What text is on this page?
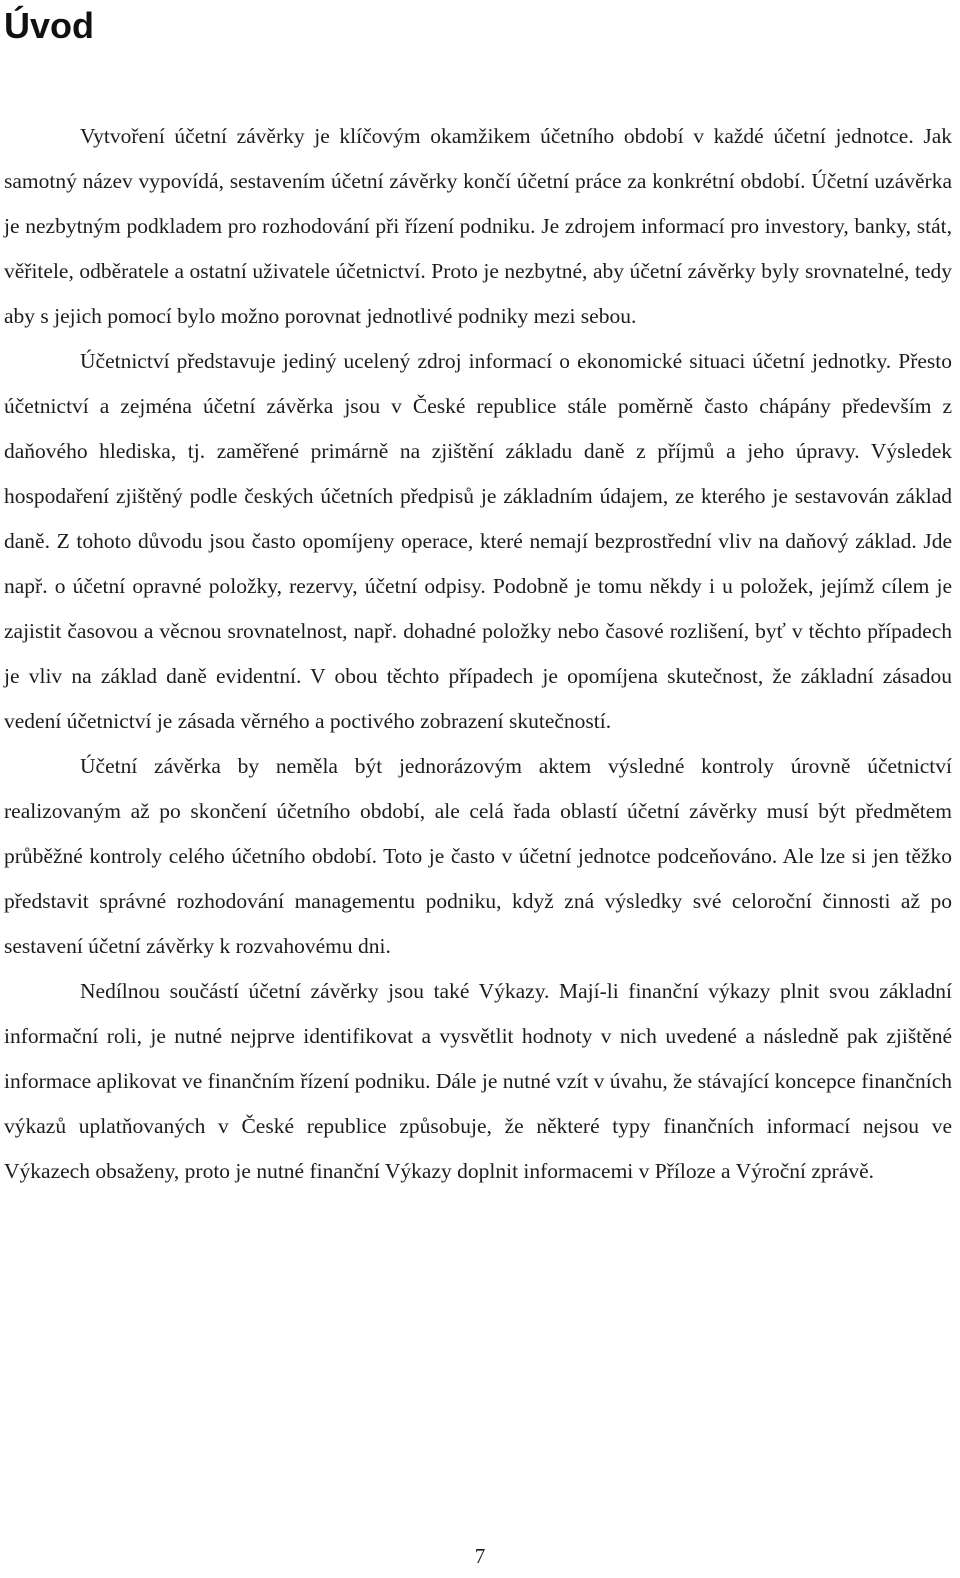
Úvod

Vytvoření účetní závěrky je klíčovým okamžikem účetního období v každé účetní jednotce. Jak samotný název vypovídá, sestavením účetní závěrky končí účetní práce za konkrétní období. Účetní uzávěrka je nezbytným podkladem pro rozhodování při řízení podniku. Je zdrojem informací pro investory, banky, stát, věřitele, odběratele a ostatní uživatele účetnictví. Proto je nezbytné, aby účetní závěrky byly srovnatelné, tedy aby s jejich pomocí bylo možno porovnat jednotlivé podniky mezi sebou.

Účetnictví představuje jediný ucelený zdroj informací o ekonomické situaci účetní jednotky. Přesto účetnictví a zejména účetní závěrka jsou v České republice stále poměrně často chápány především z daňového hlediska, tj. zaměřené primárně na zjištění základu daně z příjmů a jeho úpravy. Výsledek hospodaření zjištěný podle českých účetních předpisů je základním údajem, ze kterého je sestavován základ daně. Z tohoto důvodu jsou často opomíjeny operace, které nemají bezprostřední vliv na daňový základ. Jde např. o účetní opravné položky, rezervy, účetní odpisy. Podobně je tomu někdy i u položek, jejímž cílem je zajistit časovou a věcnou srovnatelnost, např. dohadné položky nebo časové rozlišení, byť v těchto případech je vliv na základ daně evidentní. V obou těchto případech je opomíjena skutečnost, že základní zásadou vedení účetnictví je zásada věrného a poctivého zobrazení skutečností.

Účetní závěrka by neměla být jednorázovým aktem výsledné kontroly úrovně účetnictví realizovaným až po skončení účetního období, ale celá řada oblastí účetní závěrky musí být předmětem průběžné kontroly celého účetního období. Toto je často v účetní jednotce podceňováno. Ale lze si jen těžko představit správné rozhodování managementu podniku, když zná výsledky své celoroční činnosti až po sestavení účetní závěrky k rozvahovému dni.

Nedílnou součástí účetní závěrky jsou také Výkazy. Mají-li finanční výkazy plnit svou základní informační roli, je nutné nejprve identifikovat a vysvětlit hodnoty v nich uvedené a následně pak zjištěné informace aplikovat ve finančním řízení podniku. Dále je nutné vzít v úvahu, že stávající koncepce finančních výkazů uplatňovaných v České republice způsobuje, že některé typy finančních informací nejsou ve Výkazech obsaženy, proto je nutné finanční Výkazy doplnit informacemi v Příloze a Výroční zprávě.

7
